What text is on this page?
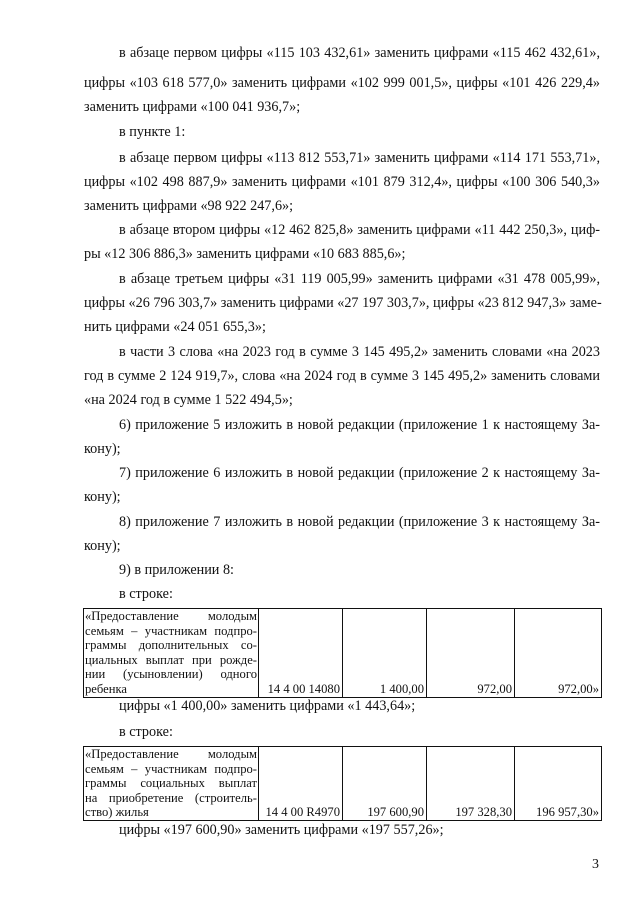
в абзаце первом цифры «115 103 432,61» заменить цифрами «115 462 432,61»,
цифры «103 618 577,0» заменить цифрами «102 999 001,5», цифры «101 426 229,4»
заменить цифрами «100 041 936,7»;
в пункте 1:
в абзаце первом цифры «113 812 553,71» заменить цифрами «114 171 553,71»,
цифры «102 498 887,9» заменить цифрами «101 879 312,4», цифры «100 306 540,3»
заменить цифрами «98 922 247,6»;
в абзаце втором цифры «12 462 825,8» заменить цифрами «11 442 250,3», циф-
ры «12 306 886,3» заменить цифрами «10 683 885,6»;
в абзаце третьем цифры «31 119 005,99» заменить цифрами «31 478 005,99»,
цифры «26 796 303,7» заменить цифрами «27 197 303,7», цифры «23 812 947,3» заме-
нить цифрами «24 051 655,3»;
в части 3 слова «на 2023 год в сумме 3 145 495,2» заменить словами «на 2023
год в сумме 2 124 919,7», слова «на 2024 год в сумме 3 145 495,2» заменить словами
«на 2024 год в сумме 1 522 494,5»;
6) приложение 5 изложить в новой редакции (приложение 1 к настоящему За-
кону);
7) приложение 6 изложить в новой редакции (приложение 2 к настоящему За-
кону);
8) приложение 7 изложить в новой редакции (приложение 3 к настоящему За-
кону);
9) в приложении 8:
в строке:
«Предоставление молодым
семьям – участникам подпро-
граммы дополнительных со-
циальных выплат при рожде-
нии (усыновлении) одного
ребенка	14 4 00 14080	1 400,00	972,00	972,00»
цифры «1 400,00» заменить цифрами «1 443,64»;
в строке:
«Предоставление молодым
семьям – участникам подпро-
граммы социальных выплат
на приобретение (строитель-
ство) жилья	14 4 00 R4970	197 600,90	197 328,30	196 957,30»
цифры «197 600,90» заменить цифрами «197 557,26»;
3
